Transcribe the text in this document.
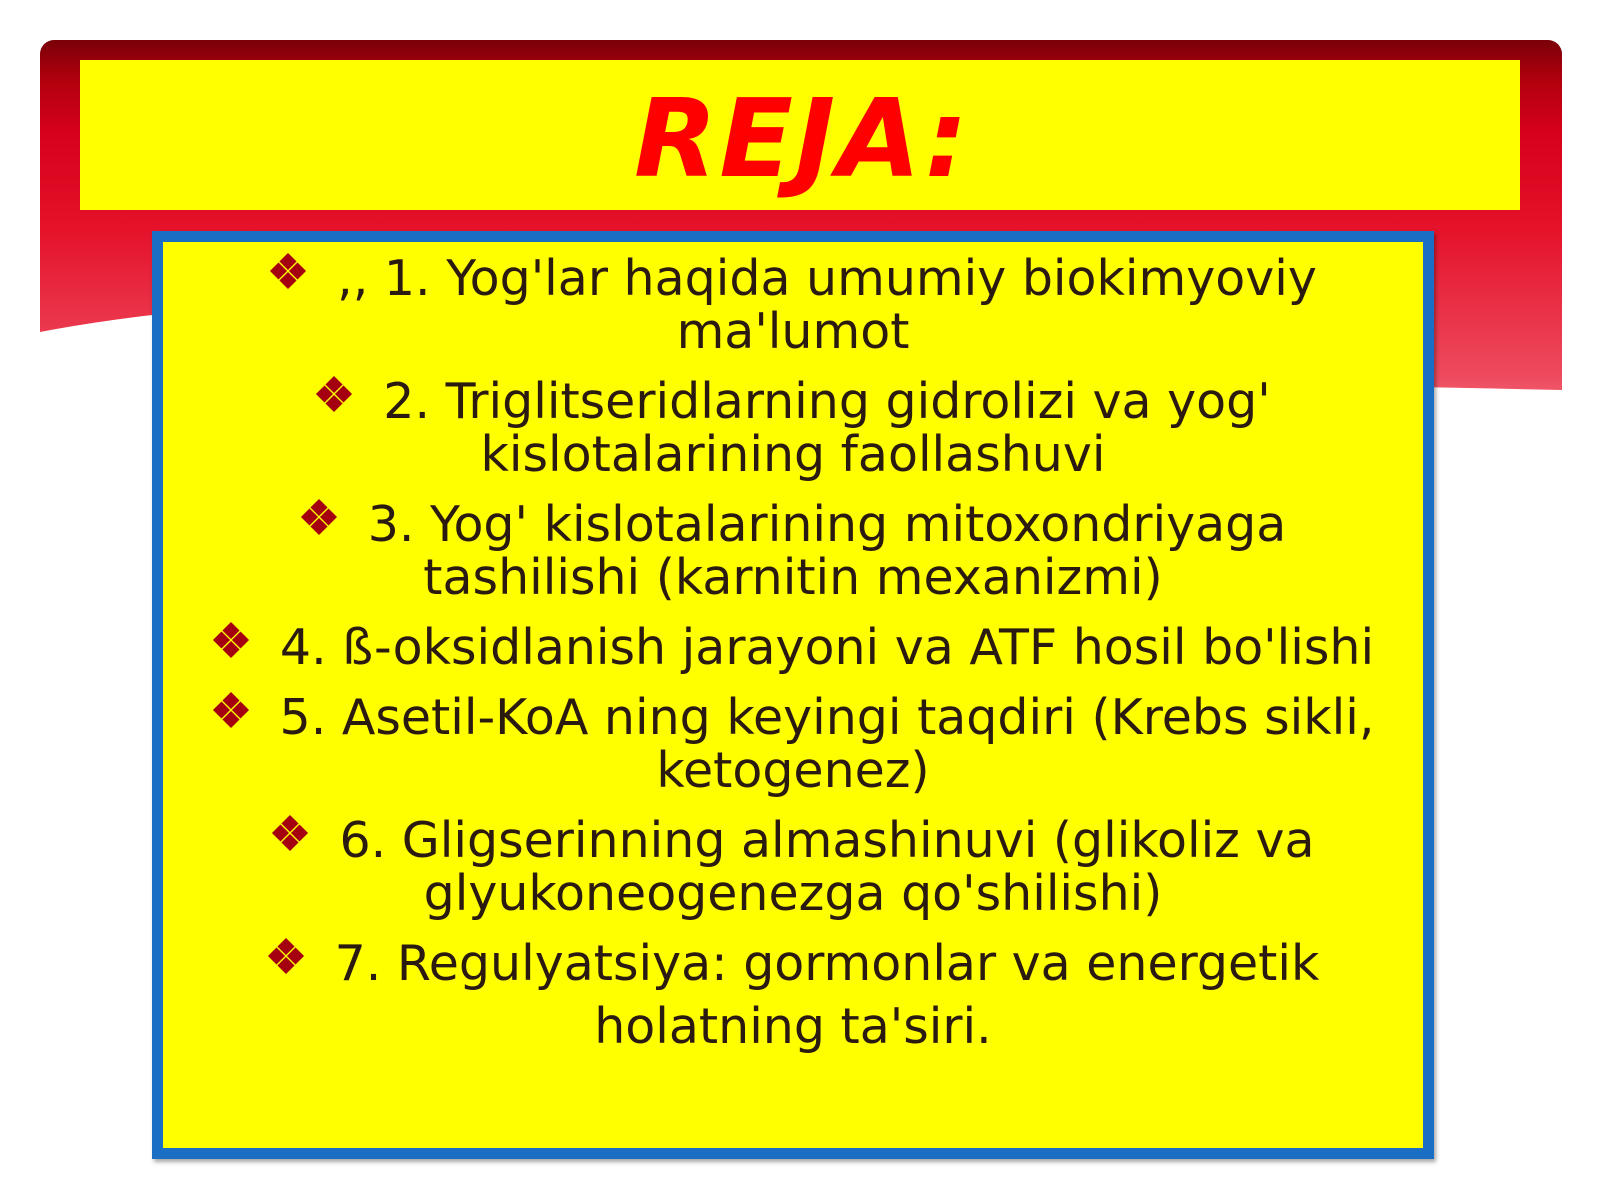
REJA:
,, 1. Yog'lar haqida umumiy biokimyoviy
ma'lumot
2. Triglitseridlarning gidrolizi va yog'
kislotalarining faollashuvi
3. Yog' kislotalarining mitoxondriyaga
tashilishi (karnitin mexanizmi)
4. ß-oksidlanish jarayoni va ATF hosil bo'lishi
5. Asetil-KoA ning keyingi taqdiri (Krebs sikli,
ketogenez)
6. Gligserinning almashinuvi (glikoliz va
glyukoneogenezga qo'shilishi)
7. Regulyatsiya: gormonlar va energetik
holatning ta'siri.
